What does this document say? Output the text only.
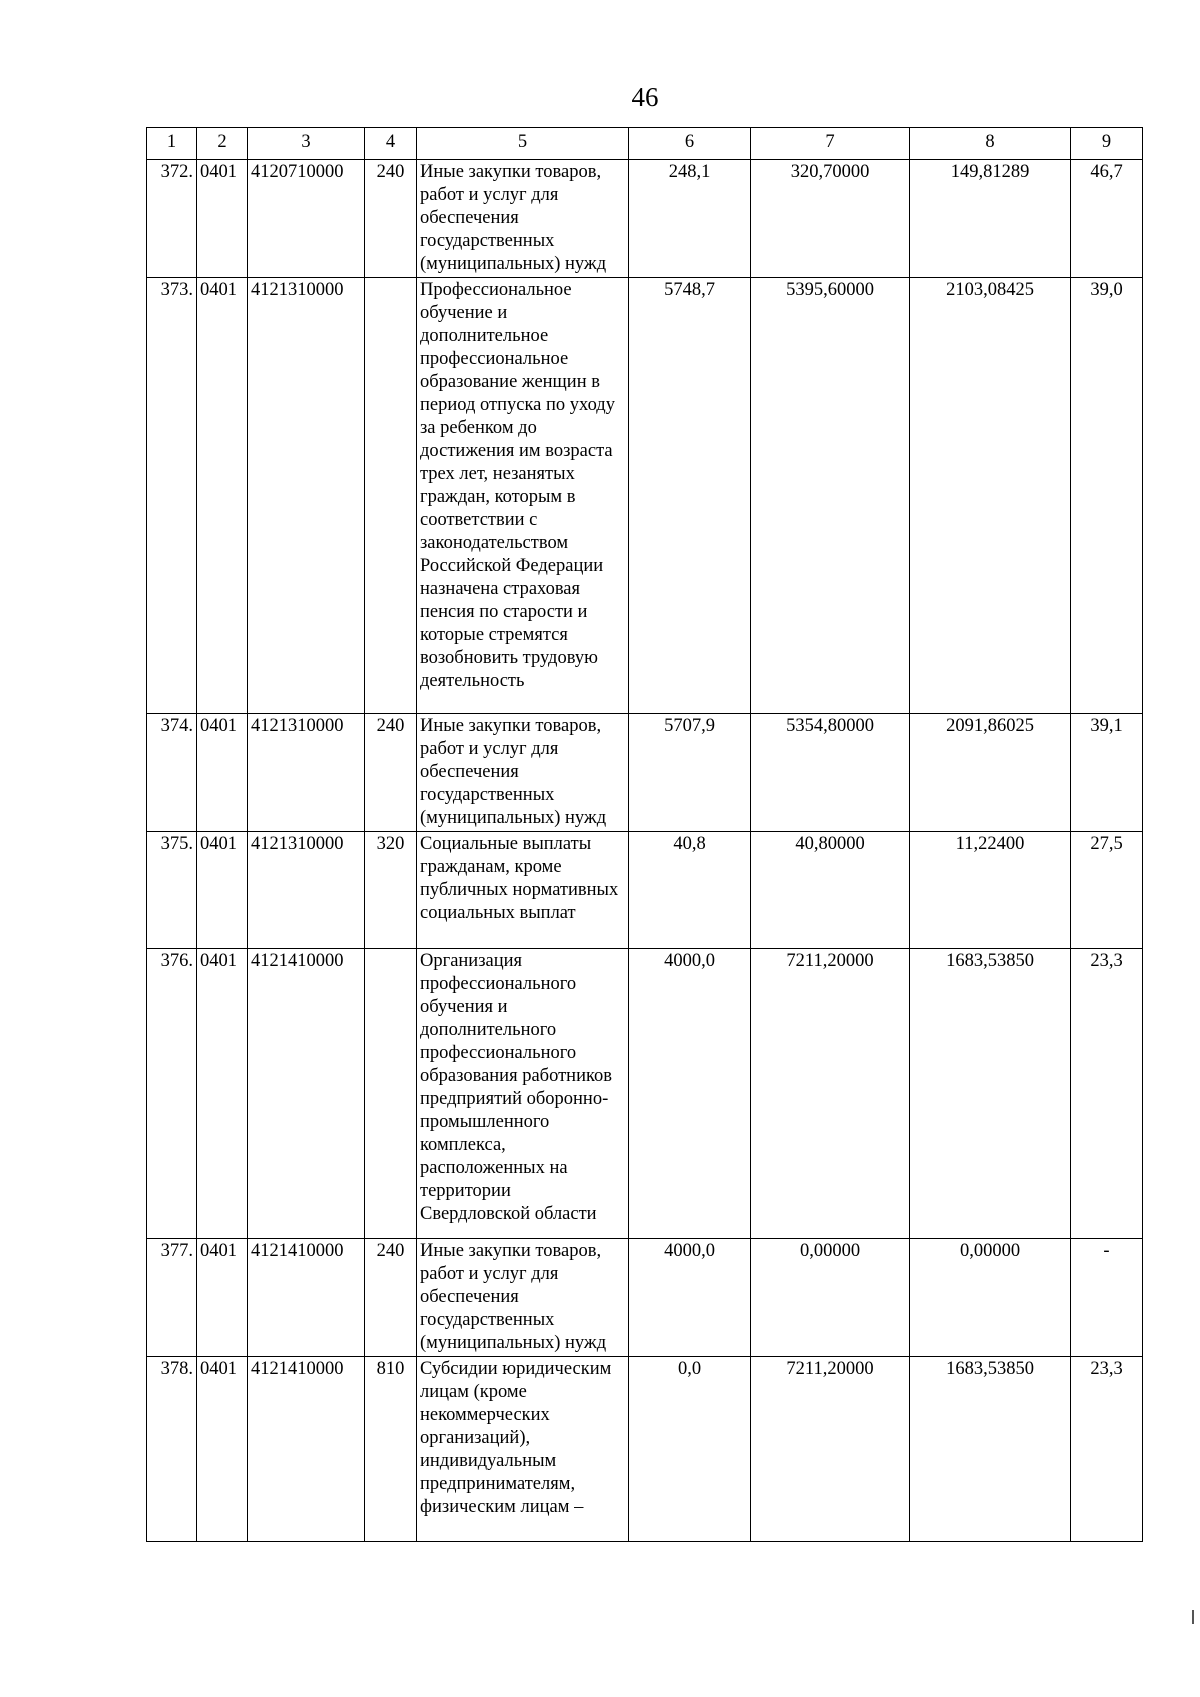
46
1	2	3	4	5	6	7	8	9
372.	0401	4120710000	240	Иные закупки товаров, работ и услуг для обеспечения государственных (муниципальных) нужд	248,1	320,70000	149,81289	46,7
373.	0401	4121310000		Профессиональное обучение и дополнительное профессиональное образование женщин в период отпуска по уходу за ребенком до достижения им возраста трех лет, незанятых граждан, которым в соответствии с законодательством Российской Федерации назначена страховая пенсия по старости и которые стремятся возобновить трудовую деятельность	5748,7	5395,60000	2103,08425	39,0
374.	0401	4121310000	240	Иные закупки товаров, работ и услуг для обеспечения государственных (муниципальных) нужд	5707,9	5354,80000	2091,86025	39,1
375.	0401	4121310000	320	Социальные выплаты гражданам, кроме публичных нормативных социальных выплат	40,8	40,80000	11,22400	27,5
376.	0401	4121410000		Организация профессионального обучения и дополнительного профессионального образования работников предприятий оборонно-промышленного комплекса, расположенных на территории Свердловской области	4000,0	7211,20000	1683,53850	23,3
377.	0401	4121410000	240	Иные закупки товаров, работ и услуг для обеспечения государственных (муниципальных) нужд	4000,0	0,00000	0,00000	-
378.	0401	4121410000	810	Субсидии юридическим лицам (кроме некоммерческих организаций), индивидуальным предпринимателям, физическим лицам –	0,0	7211,20000	1683,53850	23,3
